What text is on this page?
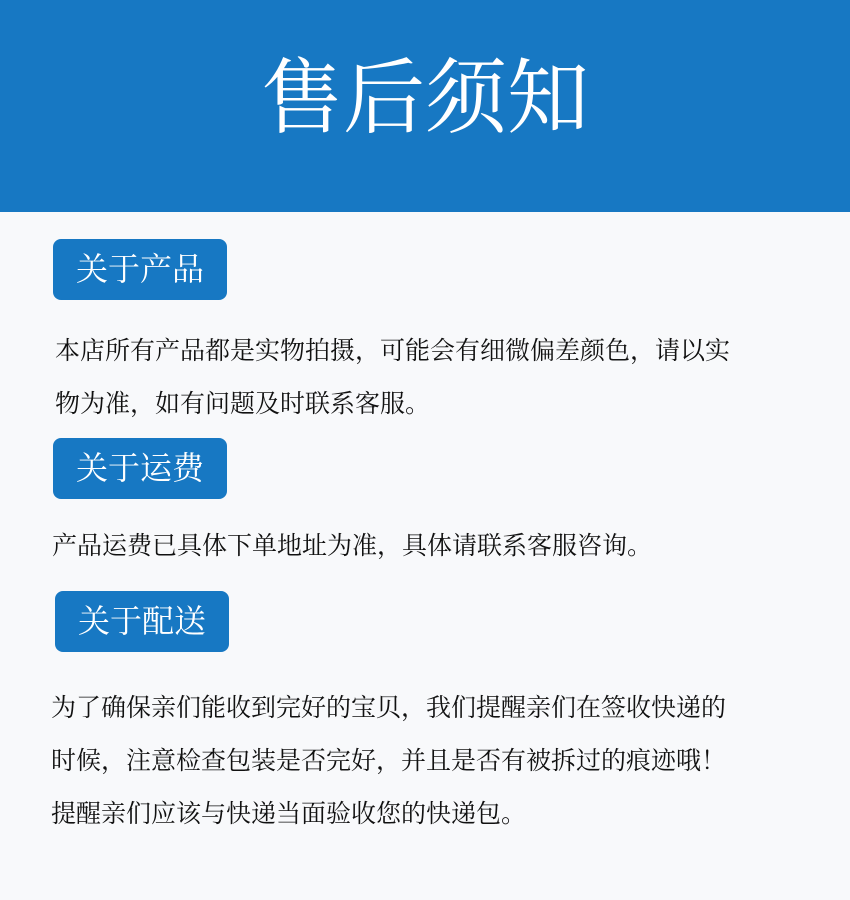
售后须知
关于产品
本店所有产品都是实物拍摄，可能会有细微偏差颜色，请以实
物为准，如有问题及时联系客服。
关于运费
产品运费已具体下单地址为准，具体请联系客服咨询。
关于配送
为了确保亲们能收到完好的宝贝，我们提醒亲们在签收快递的
时候，注意检查包装是否完好，并且是否有被拆过的痕迹哦！
提醒亲们应该与快递当面验收您的快递包。
